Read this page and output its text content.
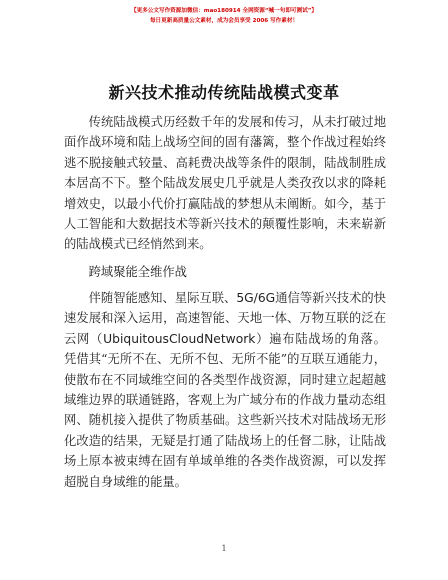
【更多公文写作资源加微信：mao180914 全网资源“喊一句即可测试”】
每日更新高质量公文素材，成为会员享受 2006 写作素材！
新兴技术推动传统陆战模式变革

传统陆战模式历经数千年的发展和传习，从未打破过地面作战环境和陆上战场空间的固有藩篱，整个作战过程始终逃不脱接触式较量、高耗费决战等条件的限制，陆战制胜成本居高不下。整个陆战发展史几乎就是人类孜孜以求的降耗增效史，以最小代价打赢陆战的梦想从未阐断。如今，基于人工智能和大数据技术等新兴技术的颠覆性影响，未来崭新的陆战模式已经悄然到来。

跨域聚能全维作战

伴随智能感知、星际互联、5G/6G通信等新兴技术的快速发展和深入运用，高速智能、天地一体、万物互联的泛在云网（UbiquitousCloudNetwork）遍布陆战场的角落。凭借其“无所不在、无所不包、无所不能”的互联互通能力，使散布在不同域维空间的各类型作战资源，同时建立起超越域维边界的联通链路，客观上为广域分布的作战力量动态组网、随机接入提供了物质基础。这些新兴技术对陆战场无形化改造的结果，无疑是打通了陆战场上的任督二脉，让陆战场上原本被束缚在固有单域单维的各类作战资源，可以发挥超脱自身域维的能量。

1
